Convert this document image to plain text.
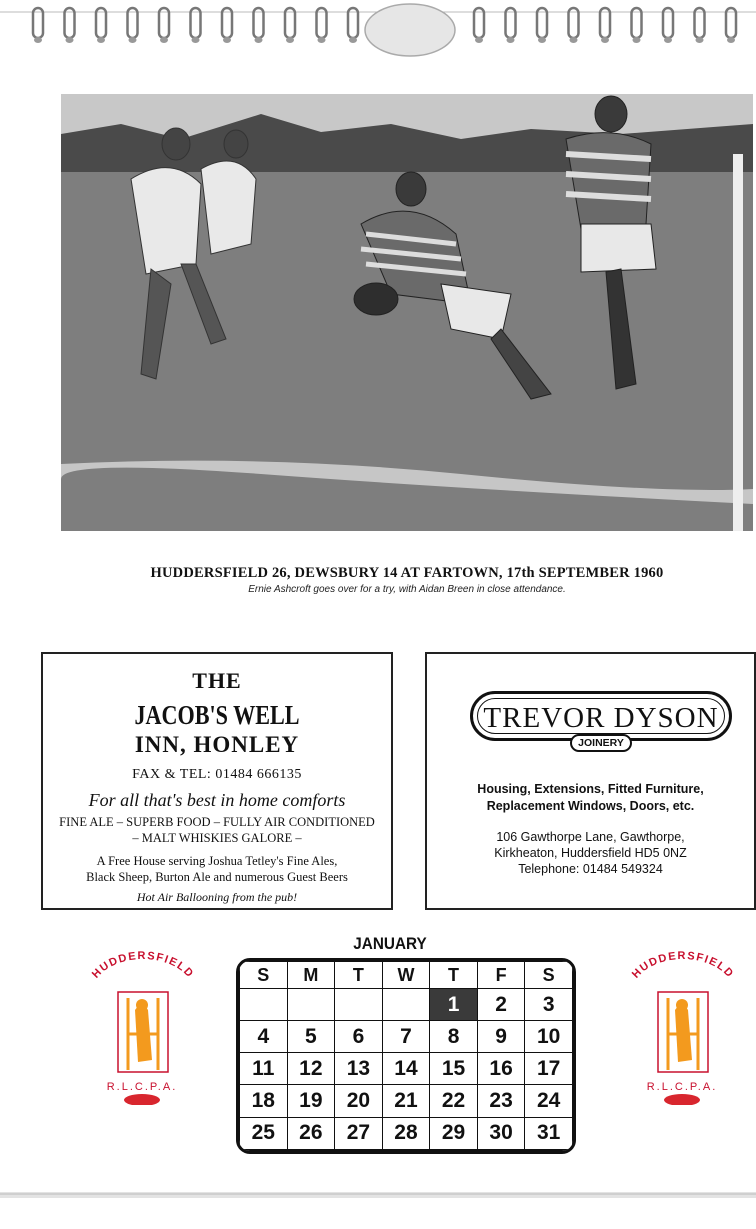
HUDDERSFIELD 26, DEWSBURY 14 AT FARTOWN, 17th SEPTEMBER 1960
Ernie Ashcroft goes over for a try, with Aidan Breen in close attendance.
THE
JACOB'S WELL
INN, HONLEY
FAX & TEL: 01484 666135
For all that's best in home comforts
FINE ALE – SUPERB FOOD – FULLY AIR CONDITIONED
– MALT WHISKIES GALORE –
A Free House serving Joshua Tetley's Fine Ales,
Black Sheep, Burton Ale and numerous Guest Beers
Hot Air Ballooning from the pub!
TREVOR DYSON
JOINERY
Housing, Extensions, Fitted Furniture,
Replacement Windows, Doors, etc.
106 Gawthorpe Lane, Gawthorpe,
Kirkheaton, Huddersfield HD5 0NZ
Telephone: 01484 549324
JANUARY
S	M	T	W	T	F	S
				1	2	3
4	5	6	7	8	9	10
11	12	13	14	15	16	17
18	19	20	21	22	23	24
25	26	27	28	29	30	31

HUDDERSFIELD
R.L.C.P.A.
HUDDERSFIELD
R.L.C.P.A.
